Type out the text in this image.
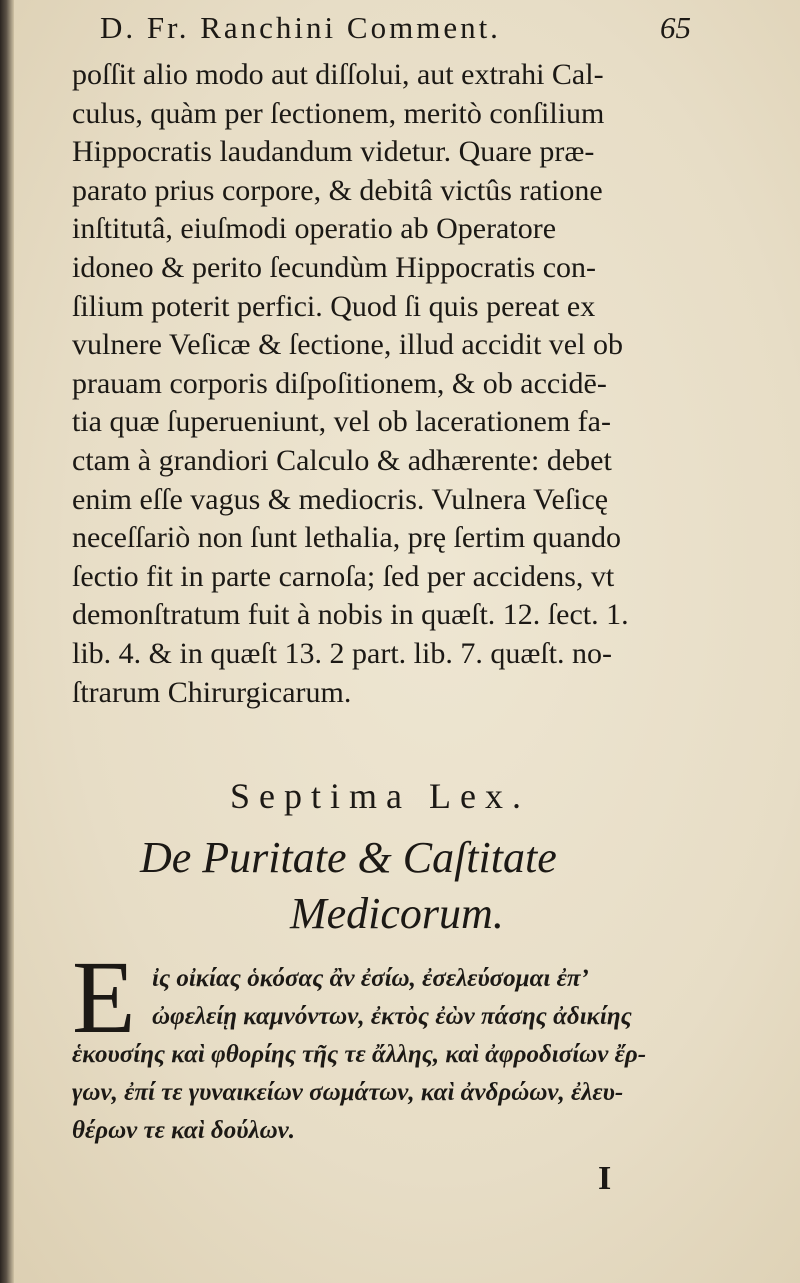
D. Fr. Ranchini Comment.	65
poſſit alio modo aut diſſolui, aut extrahi Cal-
culus, quàm per ſectionem, meritò conſilium
Hippocratis laudandum videtur. Quare præ-
parato prius corpore, & debitâ victûs ratione
inſtitutâ, eiuſmodi operatio ab Operatore
idoneo & perito ſecundùm Hippocratis con-
ſilium poterit perfici. Quod ſi quis pereat ex
vulnere Veſicæ & ſectione, illud accidit vel ob
prauam corporis diſpoſitionem, & ob accidē-
tia quæ ſuperueniunt, vel ob lacerationem fa-
ctam à grandiori Calculo & adhærente: debet
enim eſſe vagus & mediocris. Vulnera Veſicę
neceſſariò non ſunt lethalia, prę ſertim quando
ſectio fit in parte carnoſa; ſed per accidens, vt
demonſtratum fuit à nobis in quæſt. 12. ſect. 1.
lib. 4. & in quæſt 13. 2 part. lib. 7. quæſt. no-
ſtrarum Chirurgicarum.
Septima Lex.
De Puritate & Caſtitate
Medicorum.
E ἰς οἰκίας ὁκόσας ἂν ἐσίω, ἐσελεύσομαι ἐπ’
ὠφελείῃ καμνόντων, ἐκτὸς ἐὼν πάσης ἀδικίης
ἑκουσίης καὶ φθορίης τῆς τε ἄλλης, καὶ ἀφροδισίων ἔρ-
γων, ἐπί τε γυναικείων σωμάτων, καὶ ἀνδρώων, ἐλευ-
θέρων τε καὶ δούλων.
I
